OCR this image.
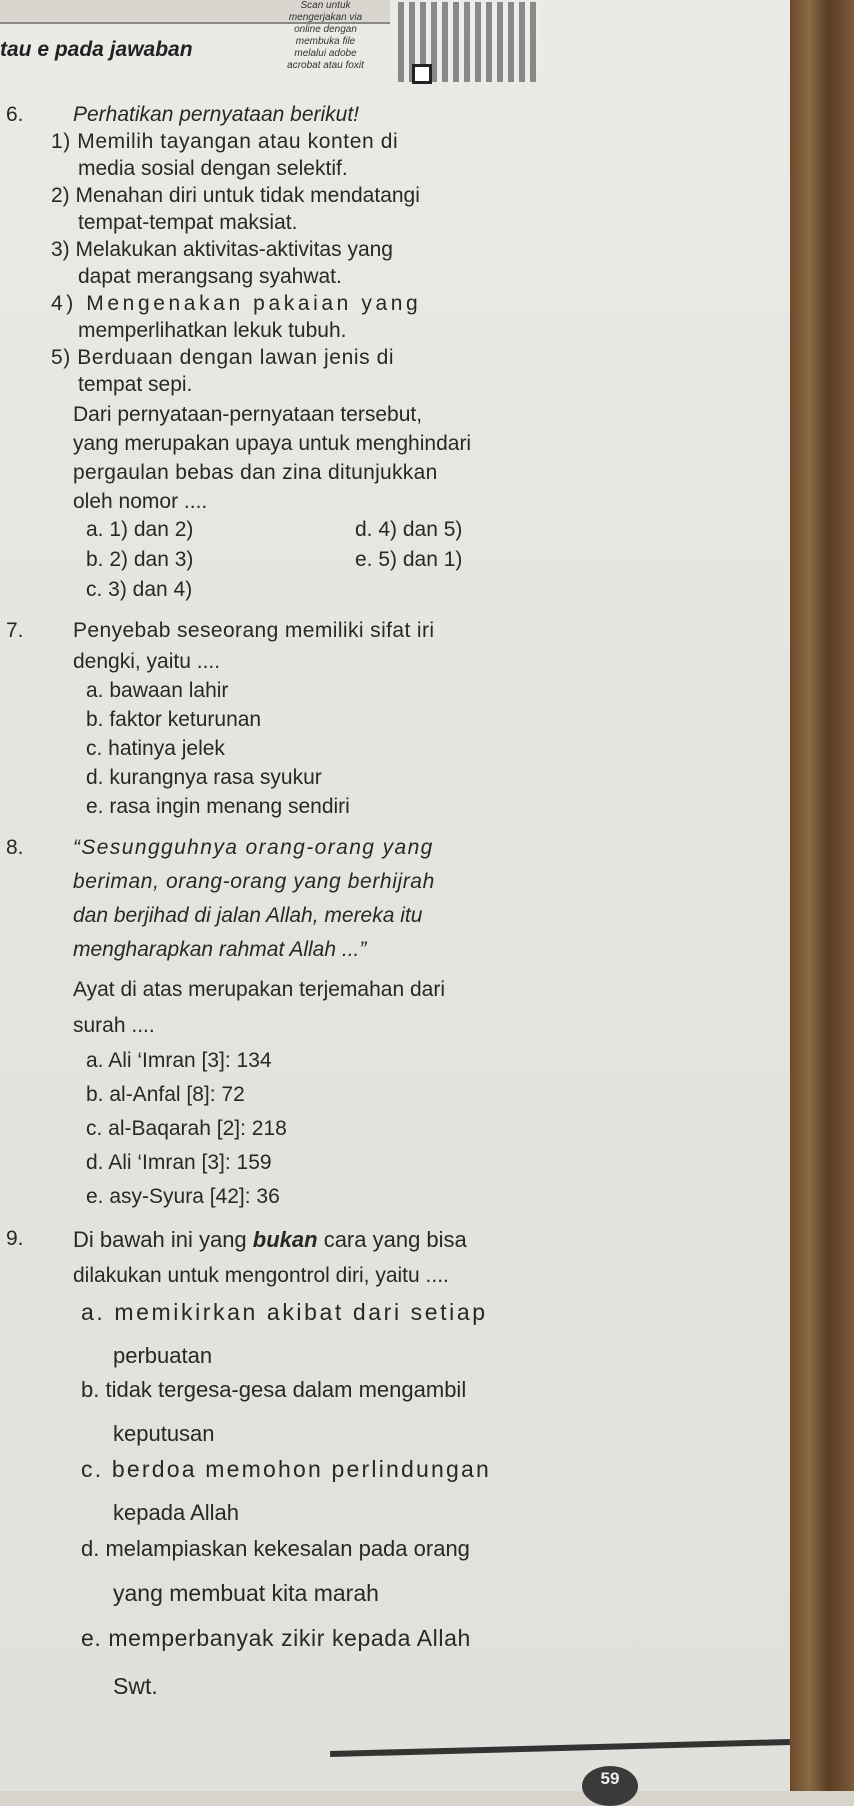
tau e pada jawaban
Scan untuk
mengerjakan via
online dengan
membuka file
melalui adobe
acrobat atau foxit
6. Perhatikan pernyataan berikut!
1) Memilih tayangan atau konten di
media sosial dengan selektif.
2) Menahan diri untuk tidak mendatangi
tempat-tempat maksiat.
3) Melakukan aktivitas-aktivitas yang
dapat merangsang syahwat.
4) Mengenakan pakaian yang
memperlihatkan lekuk tubuh.
5) Berduaan dengan lawan jenis di
tempat sepi.
Dari pernyataan-pernyataan tersebut,
yang merupakan upaya untuk menghindari
pergaulan bebas dan zina ditunjukkan
oleh nomor ....
a. 1) dan 2)
b. 2) dan 3)
c. 3) dan 4)
d. 4) dan 5)
e. 5) dan 1)
7. Penyebab seseorang memiliki sifat iri
dengki, yaitu ....
a. bawaan lahir
b. faktor keturunan
c. hatinya jelek
d. kurangnya rasa syukur
e. rasa ingin menang sendiri
8. “Sesungguhnya orang-orang yang
beriman, orang-orang yang berhijrah
dan berjihad di jalan Allah, mereka itu
mengharapkan rahmat Allah ...”
Ayat di atas merupakan terjemahan dari
surah ....
a. Ali ‘Imran [3]: 134
b. al-Anfal [8]: 72
c. al-Baqarah [2]: 218
d. Ali ‘Imran [3]: 159
e. asy-Syura [42]: 36
9. Di bawah ini yang bukan cara yang bisa
dilakukan untuk mengontrol diri, yaitu ....
a. memikirkan akibat dari setiap
perbuatan
b. tidak tergesa-gesa dalam mengambil
keputusan
c. berdoa memohon perlindungan
kepada Allah
d. melampiaskan kekesalan pada orang
yang membuat kita marah
e. memperbanyak zikir kepada Allah
Swt.
59
